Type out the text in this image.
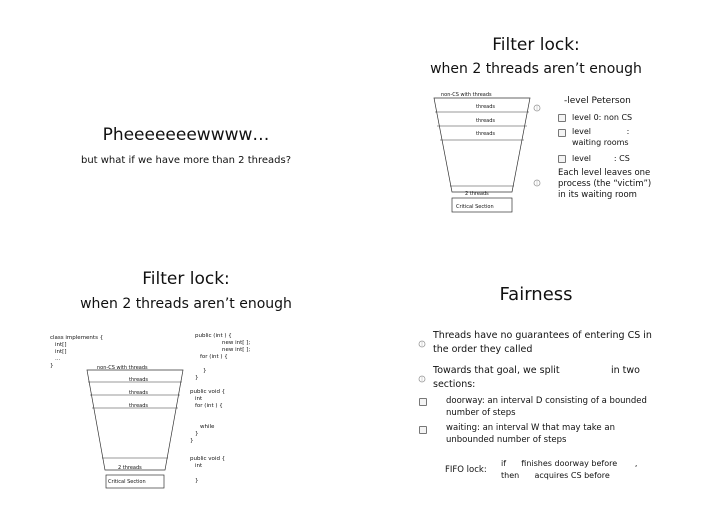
Pheeeeeeewwww…
but what if we have more than 2 threads?
Filter lock:
when 2 threads aren’t enough
non-CS with threads
threads
threads
threads
2 threads
Critical Section
-level Peterson
level 0: non CS
level              :
waiting rooms
level         : CS
Each level leaves one
process (the “victim”)
in its waiting room
Filter lock:
when 2 threads aren’t enough
class implements {
int[]
int[]
...
}	non-CS with threads
threads
threads
threads
2 threads
Critical Section
public (int ) {
new int[ ];
new int[ ];
for (int ) {
}
}
public void {
int
for (int ) {
while
}
}
public void {
int
}
Fairness
Threads have no guarantees of entering CS in
the order they called
Towards that goal, we split                 in two
sections:
doorway: an interval D consisting of a bounded
number of steps
waiting: an interval W that may take an
unbounded number of steps
FIFO lock:
if      finishes doorway before       ,
then      acquires CS before
